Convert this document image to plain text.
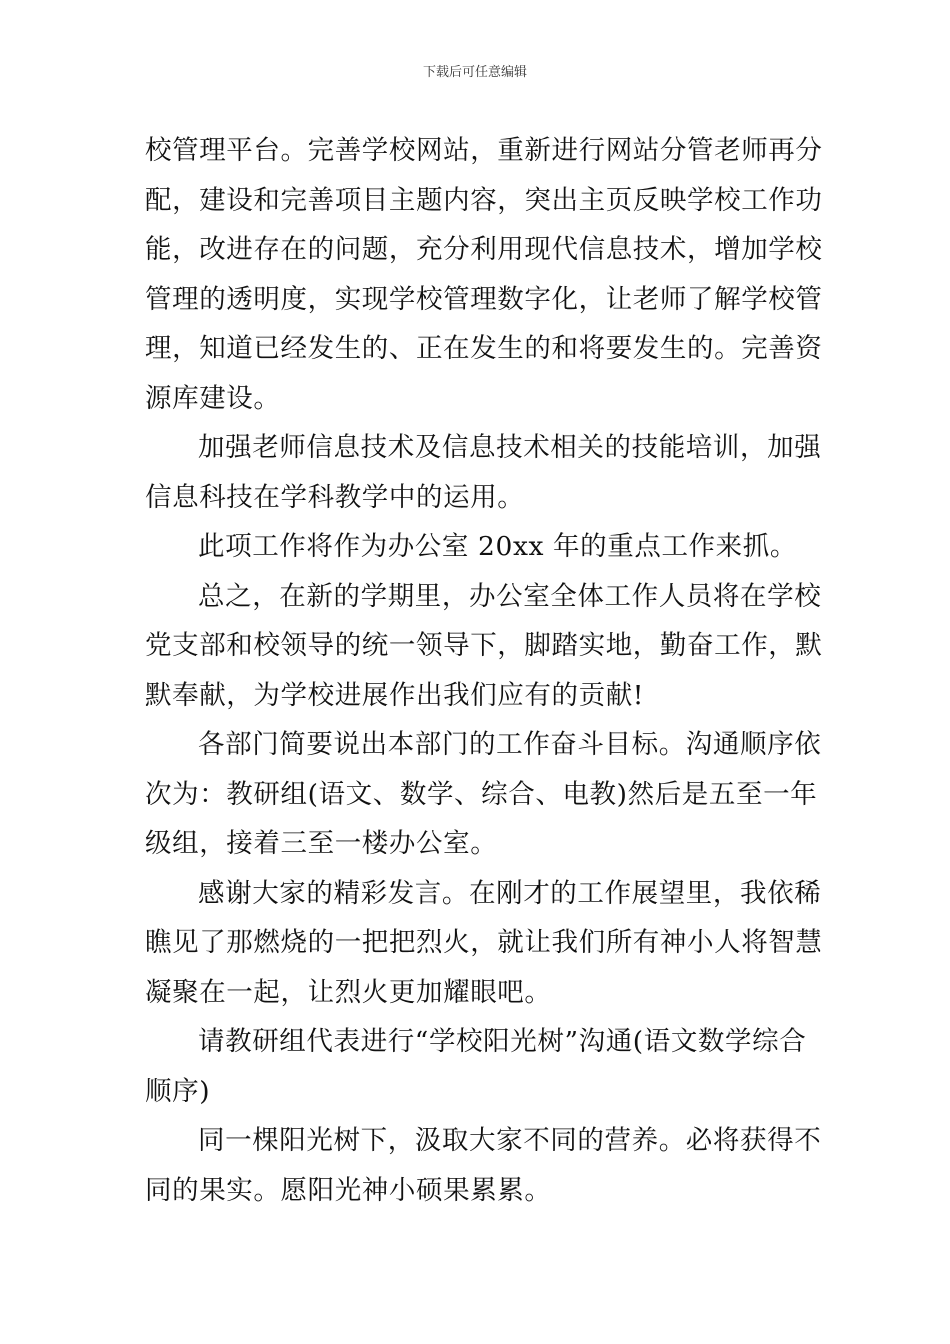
下载后可任意编辑

校管理平台。完善学校网站，重新进行网站分管老师再分
配，建设和完善项目主题内容，突出主页反映学校工作功
能，改进存在的问题，充分利用现代信息技术，增加学校
管理的透明度，实现学校管理数字化，让老师了解学校管
理，知道已经发生的、正在发生的和将要发生的。完善资
源库建设。

加强老师信息技术及信息技术相关的技能培训，加强
信息科技在学科教学中的运用。

此项工作将作为办公室 20xx 年的重点工作来抓。

总之，在新的学期里，办公室全体工作人员将在学校
党支部和校领导的统一领导下，脚踏实地，勤奋工作，默
默奉献，为学校进展作出我们应有的贡献!

各部门简要说出本部门的工作奋斗目标。沟通顺序依
次为：教研组(语文、数学、综合、电教)然后是五至一年
级组，接着三至一楼办公室。

感谢大家的精彩发言。在刚才的工作展望里，我依稀
瞧见了那燃烧的一把把烈火，就让我们所有神小人将智慧
凝聚在一起，让烈火更加耀眼吧。

请教研组代表进行“学校阳光树”沟通(语文数学综合
顺序)

同一棵阳光树下，汲取大家不同的营养。必将获得不
同的果实。愿阳光神小硕果累累。
